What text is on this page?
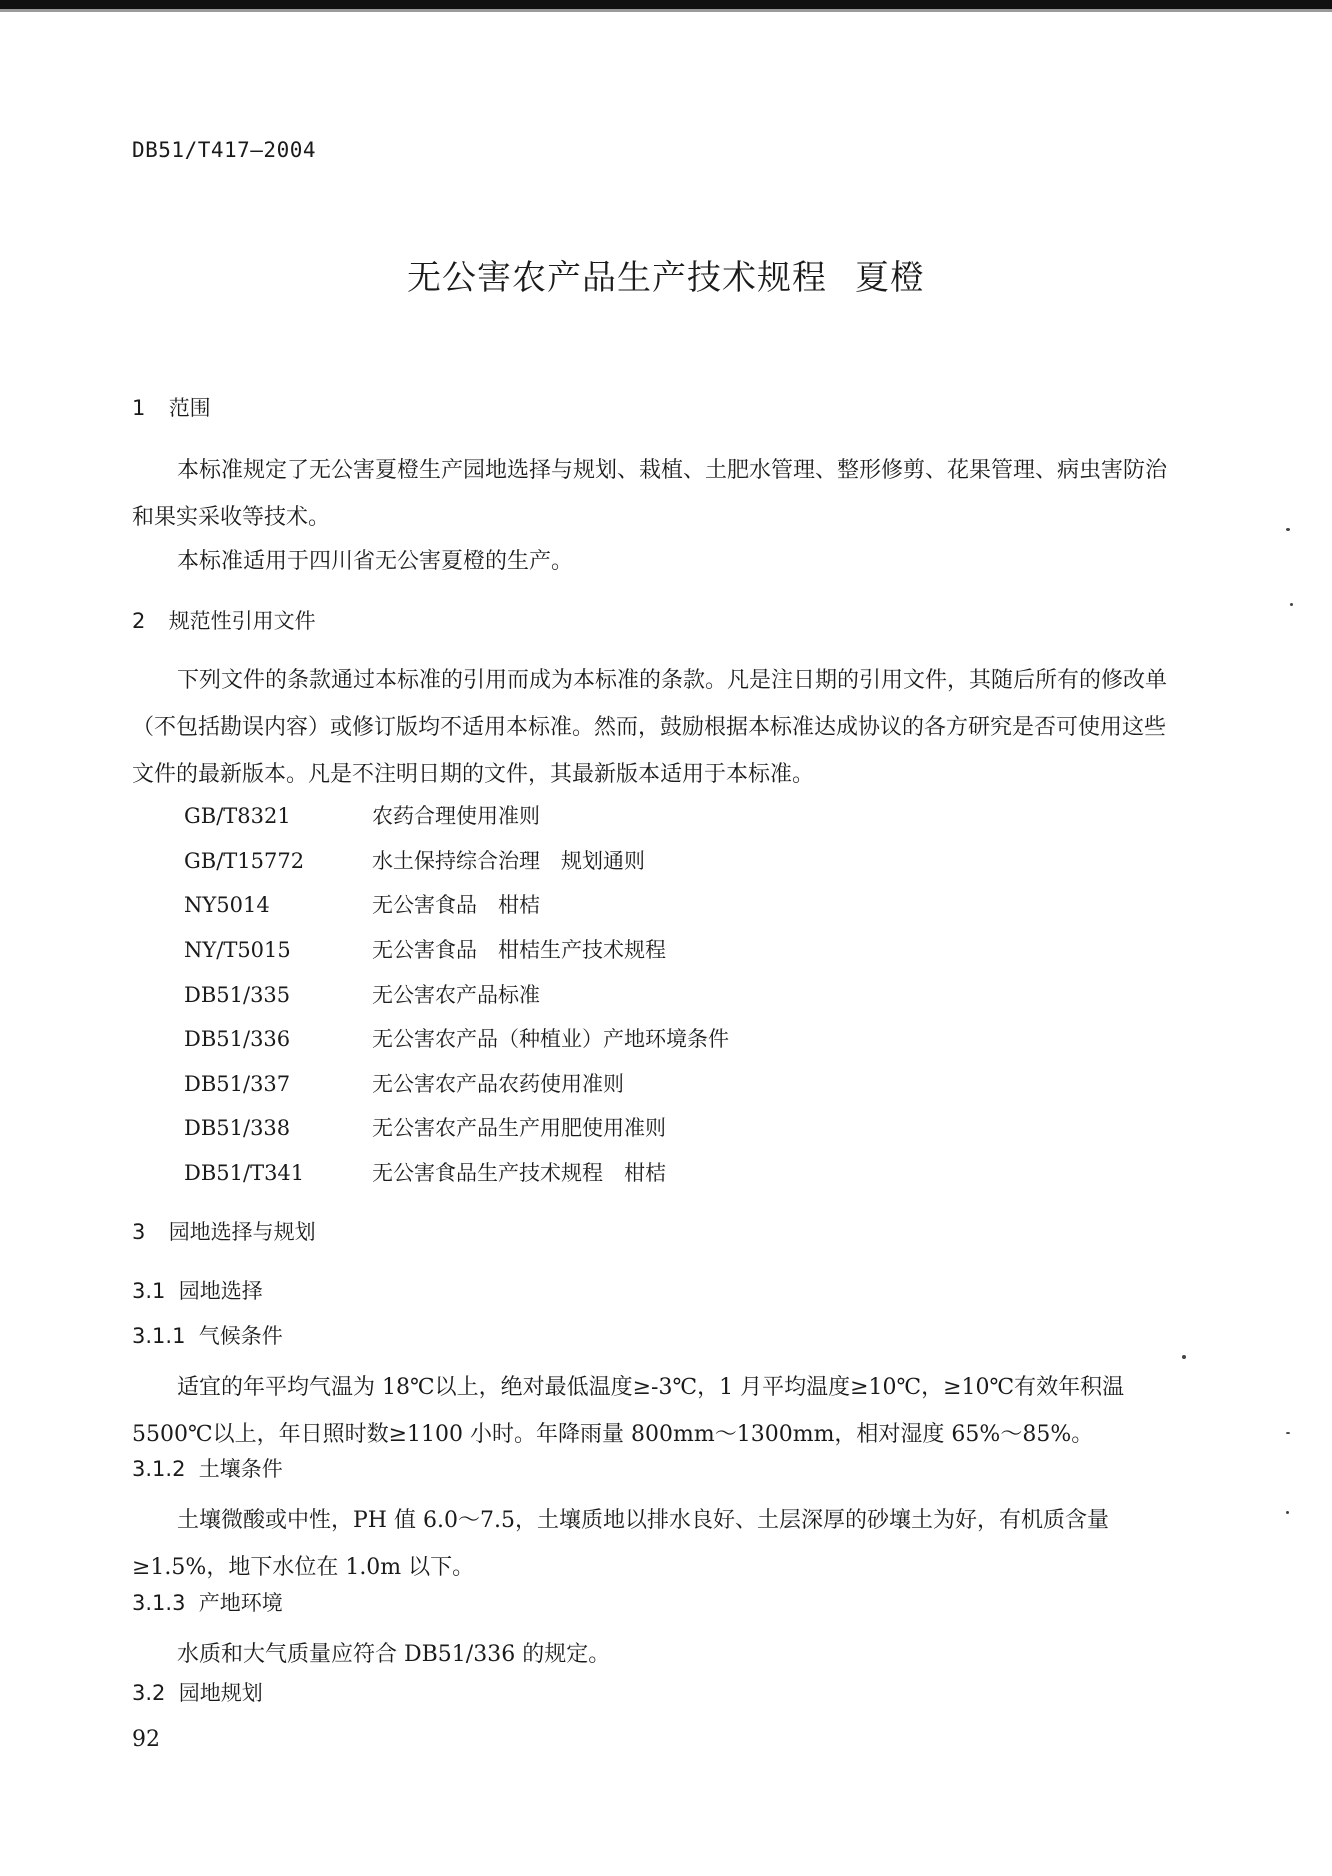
DB51/T417—2004
无公害农产品生产技术规程 夏橙
1 范围
本标准规定了无公害夏橙生产园地选择与规划、栽植、土肥水管理、整形修剪、花果管理、病虫害防治和果实采收等技术。
本标准适用于四川省无公害夏橙的生产。
2 规范性引用文件
下列文件的条款通过本标准的引用而成为本标准的条款。凡是注日期的引用文件，其随后所有的修改单（不包括勘误内容）或修订版均不适用本标准。然而，鼓励根据本标准达成协议的各方研究是否可使用这些文件的最新版本。凡是不注明日期的文件，其最新版本适用于本标准。
GB/T8321	农药合理使用准则
GB/T15772	水土保持综合治理　规划通则
NY5014	无公害食品　柑桔
NY/T5015	无公害食品　柑桔生产技术规程
DB51/335	无公害农产品标准
DB51/336	无公害农产品（种植业）产地环境条件
DB51/337	无公害农产品农药使用准则
DB51/338	无公害农产品生产用肥使用准则
DB51/T341	无公害食品生产技术规程　柑桔
3 园地选择与规划
3.1 园地选择
3.1.1 气候条件
适宜的年平均气温为 18℃以上，绝对最低温度≥-3℃，1 月平均温度≥10℃，≥10℃有效年积温5500℃以上，年日照时数≥1100 小时。年降雨量 800mm～1300mm，相对湿度 65%～85%。
3.1.2 土壤条件
土壤微酸或中性，PH 值 6.0～7.5，土壤质地以排水良好、土层深厚的砂壤土为好，有机质含量≥1.5%，地下水位在 1.0m 以下。
3.1.3 产地环境
水质和大气质量应符合 DB51/336 的规定。
3.2 园地规划
92
